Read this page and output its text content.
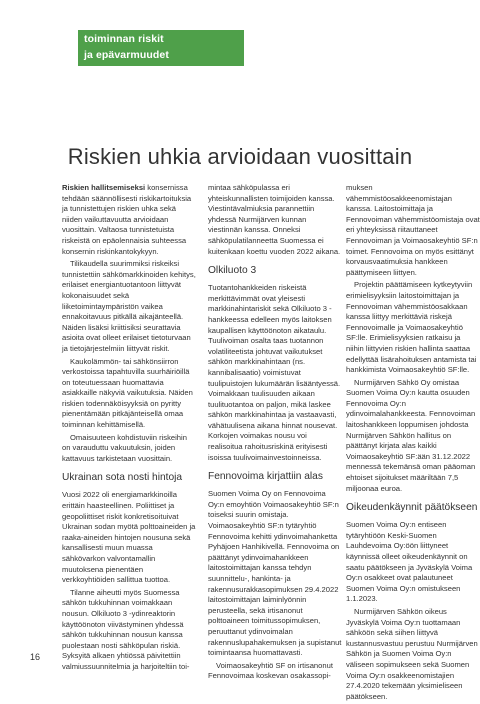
toiminnan riskit
ja epävarmuudet
Riskien uhkia arvioidaan vuosittain

Riskien hallitsemiseksi konsernissa tehdään säännöllisesti riskikartoituksia ja tunnistettujen riskien uhka sekä niiden vaikuttavuutta arvioidaan vuosittain. Valtaosa tunnistetuista riskeistä on epäolennaisia suhteessa konsernin riskinkantokykyyn.

Tilikaudella suurimmiksi riskeiksi tunnistettiin sähkömarkkinoiden kehitys, erilaiset energiantuotantoon liittyvät kokonaisuudet sekä liiketoimintaympäristön vaikea ennakoitavuus pitkällä aikajänteellä. Näiden lisäksi kriittisiksi seurattavia asioita ovat olleet erilaiset tietoturvaan ja tietojärjestelmiin liittyvät riskit.

Kaukolämmön- tai sähkönsiirron verkostoissa tapahtuvilla suurhäiriöillä on toteutuessaan huomattavia asiakkaille näkyviä vaikutuksia. Näiden riskien todennäköisyyksiä on pyritty pienentämään pitkäjänteisellä omaa toiminnan kehittämisellä.

Omaisuuteen kohdistuviin riskeihin on varauduttu vakuutuksin, joiden kattavuus tarkistetaan vuosittain.

Ukrainan sota nosti hintoja

Vuosi 2022 oli energiamarkkinoilla erittäin haasteellinen. Poliittiset ja geopoliittiset riskit konkretisoituivat Ukrainan sodan myötä polttoaineiden ja raaka-aineiden hintojen nousuna sekä kansallisesti muun muassa sähkövarkon valvontamallin muutoksena pienentäen verkkoyhtiöiden sallittua tuottoa.

Tilanne aiheutti myös Suomessa sähkön tukkuhinnan voimakkaan nousun. Olkiluoto 3 -ydinreaktorin käyttöönoton viivästyminen yhdessä sähkön tukkuhinnan nousun kanssa puolestaan nosti sähköpulan riskiä. Syksyitä alkaen yhtiössä päivitettiin valmiussuunnitelmia ja harjoiteltiin toi-

mintaa sähköpulassa eri yhteiskunnallisten toimijoiden kanssa. Viestintävalmiuksia parannettiin yhdessä Nurmijärven kunnan viestinnän kanssa. Onneksi sähköpulatilanneetta Suomessa ei kuitenkaan koettu vuoden 2022 aikana.

Olkiluoto 3

Tuotantohankkeiden riskeistä merkittävimmät ovat yleisesti markkinahintariskit sekä Olkiluoto 3 -hankkeessa edelleen myös laitoksen kaupallisen käyttöönoton aikataulu. Tuulivoiman osalta taas tuotannon volatiliteetista johtuvat vaikutukset sähkön markkinahintaan (ns. kannibalisaatio) voimistuvat tuulipuistojen lukumäärän lisääntyessä. Voimakkaan tuulisuuden aikaan tuulituotantoa on paljon, mikä laskee sähkön markkinahintaa ja vastaavasti, vähätuulisena aikana hinnat nousevat. Korkojen voimakas nousu voi realisoitua rahoitusriskinä erityisesti isoissa tuulivoimainvestoinneissa.

Fennovoima kirjattiin alas

Suomen Voima Oy on Fennovoima Oy:n emoyhtiön Voimaosakeyhtiö SF:n toiseksi suurin omistaja. Voimaosakeyhtiö SF:n tytäryhtiö Fennovoima kehitti ydinvoimahanketta Pyhäjoen Hanhikivellä. Fennovoima on päättänyt ydinvoimahankkeen laitostoimittajan kanssa tehdyn suunnittelu-, hankinta- ja rakennusurakkasopimuksen 29.4.2022 laitostoimittajan laiminlyönnin perusteella, sekä irtisanonut polttoaineen toimitussopimuksen, peruuttanut ydinvoimalan rakennuslupahakemuksen ja supistanut toimintaansa huomattavasti.

Voimaosakeyhtiö SF on irtisanonut Fennovoimaa koskevan osakassopi-

muksen vähemmistöosakkeenomistajan kanssa. Laitostoimittaja ja Fennovoiman vähemmistöomistaja ovat eri yhteyksissä riitauttaneet Fennovoiman ja Voimaosakeyhtiö SF:n toimet. Fennovoima on myös esittänyt korvausvaatimuksia hankkeen päättymiseen liittyen.

Projektin päättämiseen kytkeytyviin erimielisyyksiin laitostoimittajan ja Fennovoiman vähemmistöosakkaan kanssa liittyy merkittäviä riskejä Fennovoimalle ja Voimaosakeyhtiö SF:lle. Erimielisyyksien ratkaisu ja niihin liittyvien riskien hallinta saattaa edellyttää lisärahoituksen antamista tai hankkimista Voimaosakeyhtiö SF:lle.

Nurmijärven Sähkö Oy omistaa Suomen Voima Oy:n kautta osuuden Fennovoima Oy:n ydinvoimalahankkeesta. Fennovoiman laitoshankkeen loppumisen johdosta Nurmijärven Sähkön hallitus on päättänyt kirjata alas kaikki Voimaosakeyhtiö SF:ään 31.12.2022 mennessä tekemänsä oman pääoman ehtoiset sijoitukset määriltään 7,5 miljoonaa euroa.

Oikeudenkäynnit päätökseen

Suomen Voima Oy:n entiseen tytäryhtiöön Keski-Suomen Lauhdevoima Oy:öön liittyneet käynnissä olleet oikeudenkäynnit on saatu päätökseen ja Jyväskylä Voima Oy:n osakkeet ovat palautuneet Suomen Voima Oy:n omistukseen 1.1.2023.

Nurmijärven Sähkön oikeus Jyväskylä Voima Oy:n tuottamaan sähköön sekä siihen liittyvä kustannusvastuu perustuu Nurmijärven Sähkön ja Suomen Voima Oy:n väliseen sopimukseen sekä Suomen Voima Oy:n osakkeenomistajien 27.4.2020 tekemään yksimieliseen päätökseen.

16
